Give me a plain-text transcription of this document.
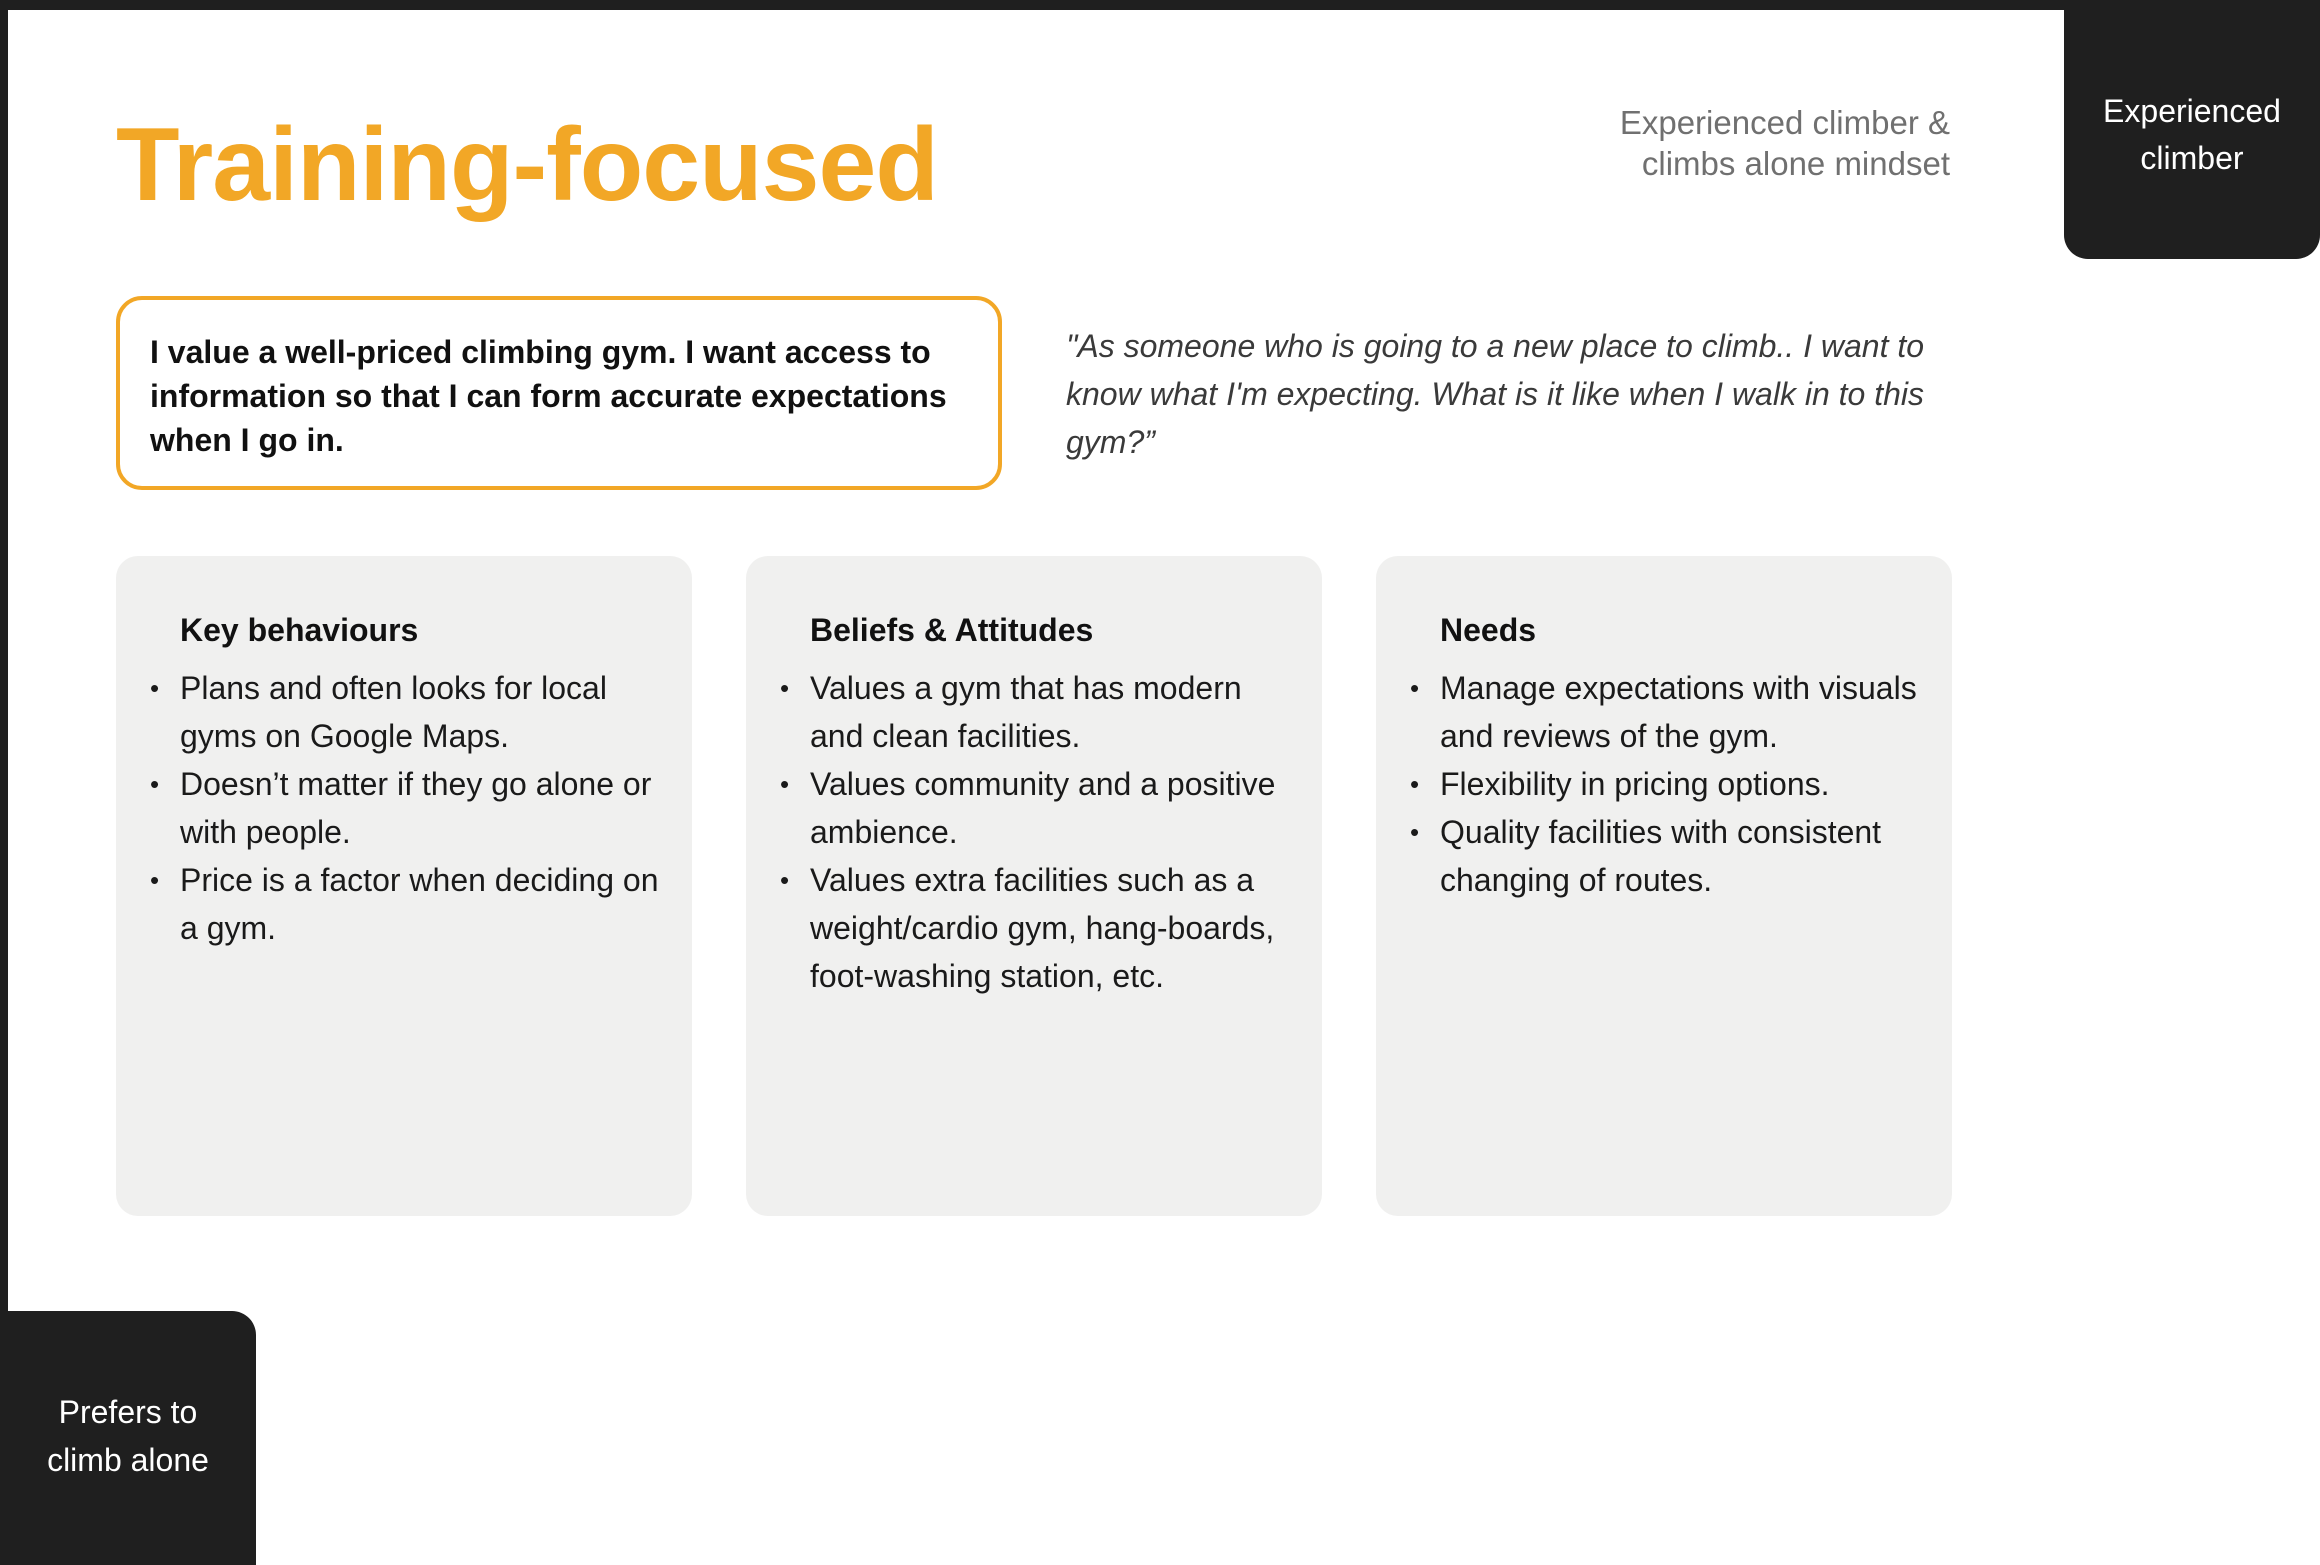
Training-focused	Experienced climber &
climbs alone mindset
Experienced
climber
I value a well-priced climbing gym. I want access to information so that I can form accurate expectations when I go in.
"As someone who is going to a new place to climb.. I want to know what I'm expecting. What is it like when I walk in to this gym?”
Key behaviours
• Plans and often looks for local gyms on Google Maps.
• Doesn’t matter if they go alone or with people.
• Price is a factor when deciding on a gym.
Beliefs & Attitudes
• Values a gym that has modern and clean facilities.
• Values community and a positive ambience.
• Values extra facilities such as a weight/cardio gym, hang-boards, foot-washing station, etc.
Needs
• Manage expectations with visuals and reviews of the gym.
• Flexibility in pricing options.
• Quality facilities with consistent changing of routes.
Prefers to
climb alone
